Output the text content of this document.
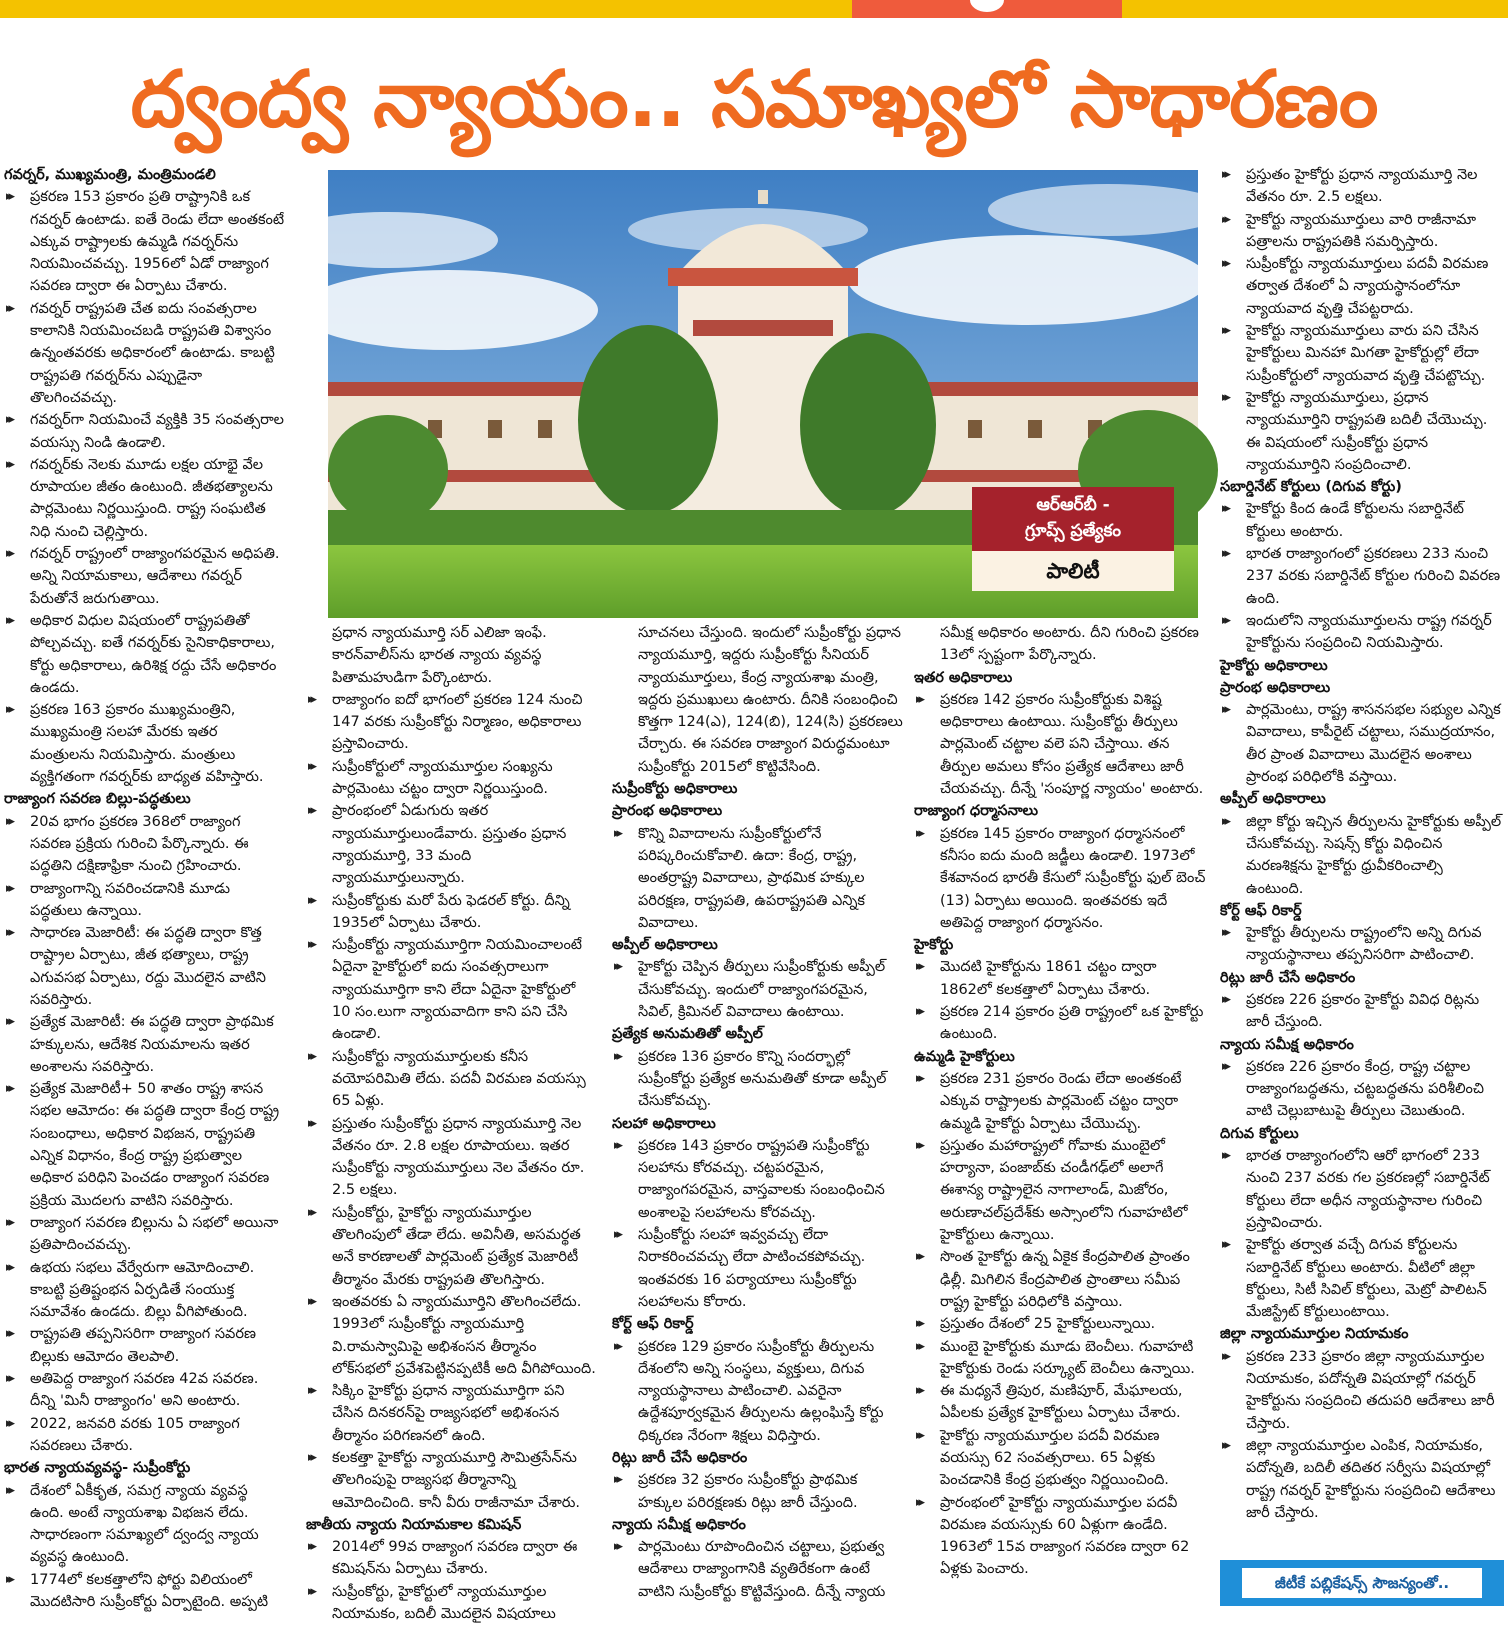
ద్వంద్వ న్యాయం.. సమాఖ్యలో సాధారణం
గవర్నర్, ముఖ్యమంత్రి, మంత్రిమండలి
▸▸ ప్రకరణ 153 ప్రకారం ప్రతి రాష్ట్రానికి ఒక గవర్నర్ ఉంటాడు. ఐతే రెండు లేదా అంతకంటే ఎక్కువ రాష్ట్రాలకు ఉమ్మడి గవర్నర్‌ను నియమించవచ్చు. 1956లో ఏడో రాజ్యాంగ సవరణ ద్వారా ఈ ఏర్పాటు చేశారు.
▸▸ గవర్నర్ రాష్ట్రపతి చేత ఐదు సంవత్సరాల కాలానికి నియమించబడి రాష్ట్రపతి విశ్వాసం ఉన్నంతవరకు అధికారంలో ఉంటాడు. కాబట్టి రాష్ట్రపతి గవర్నర్‌ను ఎప్పుడైనా తొలగించవచ్చు.
▸▸ గవర్నర్‌గా నియమించే వ్యక్తికి 35 సంవత్సరాల వయస్సు నిండి ఉండాలి.
▸▸ గవర్నర్‌కు నెలకు మూడు లక్షల యాభై వేల రూపాయల జీతం ఉంటుంది. జీతభత్యాలను పార్లమెంటు నిర్ణయిస్తుంది. రాష్ట్ర సంఘటిత నిధి నుంచి చెల్లిస్తారు.
▸▸ గవర్నర్ రాష్ట్రంలో రాజ్యాంగపరమైన అధిపతి. అన్ని నియామకాలు, ఆదేశాలు గవర్నర్ పేరుతోనే జరుగుతాయి.
▸▸ అధికార విధుల విషయంలో రాష్ట్రపతితో పోల్చవచ్చు. ఐతే గవర్నర్‌కు సైనికాధికారాలు, కోర్టు అధికారాలు, ఉరిశిక్ష రద్దు చేసే అధికారం ఉండదు.
▸▸ ప్రకరణ 163 ప్రకారం ముఖ్యమంత్రిని, ముఖ్యమంత్రి సలహా మేరకు ఇతర మంత్రులను నియమిస్తారు. మంత్రులు వ్యక్తిగతంగా గవర్నర్‌కు బాధ్యత వహిస్తారు.
రాజ్యాంగ సవరణ బిల్లు-పద్ధతులు
▸▸ 20వ భాగం ప్రకరణ 368లో రాజ్యాంగ సవరణ ప్రక్రియ గురించి పేర్కొన్నారు. ఈ పద్ధతిని దక్షిణాఫ్రికా నుంచి గ్రహించారు.
▸▸ రాజ్యాంగాన్ని సవరించడానికి మూడు పద్ధతులు ఉన్నాయి.
▸▸ సాధారణ మెజారిటీ: ఈ పద్ధతి ద్వారా కొత్త రాష్ట్రాల ఏర్పాటు, జీత భత్యాలు, రాష్ట్ర ఎగువసభ ఏర్పాటు, రద్దు మొదలైన వాటిని సవరిస్తారు.
▸▸ ప్రత్యేక మెజారిటీ: ఈ పద్ధతి ద్వారా ప్రాథమిక హక్కులను, ఆదేశిక నియమాలను ఇతర అంశాలను సవరిస్తారు.
▸▸ ప్రత్యేక మెజారిటీ+ 50 శాతం రాష్ట్ర శాసన సభల ఆమోదం: ఈ పద్ధతి ద్వారా కేంద్ర రాష్ట్ర సంబంధాలు, అధికార విభజన, రాష్ట్రపతి ఎన్నిక విధానం, కేంద్ర రాష్ట్ర ప్రభుత్వాల అధికార పరిధిని పెంచడం రాజ్యాంగ సవరణ ప్రక్రియ మొదలగు వాటిని సవరిస్తారు.
▸▸ రాజ్యాంగ సవరణ బిల్లును ఏ సభలో అయినా ప్రతిపాదించవచ్చు.
▸▸ ఉభయ సభలు వేర్వేరుగా ఆమోదించాలి. కాబట్టి ప్రతిష్టంభన ఏర్పడితే సంయుక్త సమావేశం ఉండదు. బిల్లు వీగిపోతుంది.
▸▸ రాష్ట్రపతి తప్పనిసరిగా రాజ్యాంగ సవరణ బిల్లుకు ఆమోదం తెలపాలి.
▸▸ అతిపెద్ద రాజ్యాంగ సవరణ 42వ సవరణ. దీన్ని 'మినీ రాజ్యాంగం' అని అంటారు.
▸▸ 2022, జనవరి వరకు 105 రాజ్యాంగ సవరణలు చేశారు.
భారత న్యాయవ్యవస్థ- సుప్రీంకోర్టు
▸▸ దేశంలో ఏకీకృత, సమగ్ర న్యాయ వ్యవస్థ ఉంది. అంటే న్యాయశాఖ విభజన లేదు. సాధారణంగా సమాఖ్యలో ద్వంద్వ న్యాయ వ్యవస్థ ఉంటుంది.
▸▸ 1774లో కలకత్తాలోని ఫోర్టు విలియంలో మొదటిసారి సుప్రీంకోర్టు ఏర్పాటైంది. అప్పటి
ప్రధాన న్యాయమూర్తి సర్ ఎలిజా ఇంఫే. కారన్‌వాలీస్‌ను భారత న్యాయ వ్యవస్థ పితామహుడిగా పేర్కొంటారు.
▸▸ రాజ్యాంగం ఐదో భాగంలో ప్రకరణ 124 నుంచి 147 వరకు సుప్రీంకోర్టు నిర్మాణం, అధికారాలు ప్రస్తావించారు.
▸▸ సుప్రీంకోర్టులో న్యాయమూర్తుల సంఖ్యను పార్లమెంటు చట్టం ద్వారా నిర్ణయిస్తుంది.
▸▸ ప్రారంభంలో ఏడుగురు ఇతర న్యాయమూర్తులుండేవారు. ప్రస్తుతం ప్రధాన న్యాయమూర్తి, 33 మంది న్యాయమూర్తులున్నారు.
▸▸ సుప్రీంకోర్టుకు మరో పేరు ఫెడరల్ కోర్టు. దీన్ని 1935లో ఏర్పాటు చేశారు.
▸▸ సుప్రీంకోర్టు న్యాయమూర్తిగా నియమించాలంటే ఏదైనా హైకోర్టులో ఐదు సంవత్సరాలుగా న్యాయమూర్తిగా కాని లేదా ఏదైనా హైకోర్టులో 10 సం.లుగా న్యాయవాదిగా కాని పని చేసి ఉండాలి.
▸▸ సుప్రీంకోర్టు న్యాయమూర్తులకు కనీస వయోపరిమితి లేదు. పదవీ విరమణ వయస్సు 65 ఏళ్లు.
▸▸ ప్రస్తుతం సుప్రీంకోర్టు ప్రధాన న్యాయమూర్తి నెల వేతనం రూ. 2.8 లక్షల రూపాయలు. ఇతర సుప్రీంకోర్టు న్యాయమూర్తులు నెల వేతనం రూ. 2.5 లక్షలు.
▸▸ సుప్రీంకోర్టు, హైకోర్టు న్యాయమూర్తుల తొలగింపులో తేడా లేదు. అవినీతి, అసమర్థత అనే కారణాలతో పార్లమెంట్ ప్రత్యేక మెజారిటీ తీర్మానం మేరకు రాష్ట్రపతి తొలగిస్తారు.
▸▸ ఇంతవరకు ఏ న్యాయమూర్తిని తొలగించలేదు. 1993లో సుప్రీంకోర్టు న్యాయమూర్తి వి.రామస్వామిపై అభిశంసన తీర్మానం లోక్‌సభలో ప్రవేశపెట్టినప్పటికీ అది వీగిపోయింది.
▸▸ సిక్కిం హైకోర్టు ప్రధాన న్యాయమూర్తిగా పని చేసిన దినకరన్‌పై రాజ్యసభలో అభిశంసన తీర్మానం పరిగణనలో ఉంది.
▸▸ కలకత్తా హైకోర్టు న్యాయమూర్తి సౌమిత్రసేన్‌ను తొలగింపుపై రాజ్యసభ తీర్మానాన్ని ఆమోదించింది. కానీ వీరు రాజీనామా చేశారు.
జాతీయ న్యాయ నియామకాల కమిషన్
▸▸ 2014లో 99వ రాజ్యాంగ సవరణ ద్వారా ఈ కమిషన్‌ను ఏర్పాటు చేశారు.
▸▸ సుప్రీంకోర్టు, హైకోర్టులో న్యాయమూర్తుల నియామకం, బదిలీ మొదలైన విషయాలు
సూచనలు చేస్తుంది. ఇందులో సుప్రీంకోర్టు ప్రధాన న్యాయమూర్తి, ఇద్దరు సుప్రీంకోర్టు సీనియర్ న్యాయమూర్తులు, కేంద్ర న్యాయశాఖ మంత్రి, ఇద్దరు ప్రముఖులు ఉంటారు. దీనికి సంబంధించి కొత్తగా 124(ఎ), 124(బి), 124(సి) ప్రకరణలు చేర్చారు. ఈ సవరణ రాజ్యాంగ విరుద్ధమంటూ సుప్రీంకోర్టు 2015లో కొట్టివేసింది.
సుప్రీంకోర్టు అధికారాలు
ప్రారంభ అధికారాలు
▸▸ కొన్ని వివాదాలను సుప్రీంకోర్టులోనే పరిష్కరించుకోవాలి. ఉదా: కేంద్ర, రాష్ట్ర, అంతర్రాష్ట్ర వివాదాలు, ప్రాథమిక హక్కుల పరిరక్షణ, రాష్ట్రపతి, ఉపరాష్ట్రపతి ఎన్నిక వివాదాలు.
అప్పీల్ అధికారాలు
▸▸ హైకోర్టు చెప్పిన తీర్పులు సుప్రీంకోర్టుకు అప్పీల్ చేసుకోవచ్చు. ఇందులో రాజ్యాంగపరమైన, సివిల్, క్రిమినల్ వివాదాలు ఉంటాయి.
ప్రత్యేక అనుమతితో అప్పీల్
▸▸ ప్రకరణ 136 ప్రకారం కొన్ని సందర్భాల్లో సుప్రీంకోర్టు ప్రత్యేక అనుమతితో కూడా అప్పీల్ చేసుకోవచ్చు.
సలహా అధికారాలు
▸▸ ప్రకరణ 143 ప్రకారం రాష్ట్రపతి సుప్రీంకోర్టు సలహాను కోరవచ్చు. చట్టపరమైన, రాజ్యాంగపరమైన, వాస్తవాలకు సంబంధించిన అంశాలపై సలహాలను కోరవచ్చు.
▸▸ సుప్రీంకోర్టు సలహా ఇవ్వవచ్చు లేదా నిరాకరించవచ్చు లేదా పాటించకపోవచ్చు. ఇంతవరకు 16 పర్యాయాలు సుప్రీంకోర్టు సలహాలను కోరారు.
కోర్ట్ ఆఫ్ రికార్డ్
▸▸ ప్రకరణ 129 ప్రకారం సుప్రీంకోర్టు తీర్పులను దేశంలోని అన్ని సంస్థలు, వ్యక్తులు, దిగువ న్యాయస్థానాలు పాటించాలి. ఎవరైనా ఉద్దేశపూర్వకమైన తీర్పులను ఉల్లంఘిస్తే కోర్టు ధిక్కరణ నేరంగా శిక్షలు విధిస్తారు.
రిట్లు జారీ చేసే అధికారం
▸▸ ప్రకరణ 32 ప్రకారం సుప్రీంకోర్టు ప్రాథమిక హక్కుల పరిరక్షణకు రిట్లు జారీ చేస్తుంది.
న్యాయ సమీక్ష అధికారం
▸▸ పార్లమెంటు రూపొందించిన చట్టాలు, ప్రభుత్వ ఆదేశాలు రాజ్యాంగానికి వ్యతిరేకంగా ఉంటే వాటిని సుప్రీంకోర్టు కొట్టివేస్తుంది. దీన్నే న్యాయ
సమీక్ష అధికారం అంటారు. దీని గురించి ప్రకరణ 13లో స్పష్టంగా పేర్కొన్నారు.
ఇతర అధికారాలు
▸▸ ప్రకరణ 142 ప్రకారం సుప్రీంకోర్టుకు విశిష్ట అధికారాలు ఉంటాయి. సుప్రీంకోర్టు తీర్పులు పార్లమెంట్ చట్టాల వలె పని చేస్తాయి. తన తీర్పుల అమలు కోసం ప్రత్యేక ఆదేశాలు జారీ చేయవచ్చు. దీన్నే 'సంపూర్ణ న్యాయం' అంటారు.
రాజ్యాంగ ధర్మాసనాలు
▸▸ ప్రకరణ 145 ప్రకారం రాజ్యాంగ ధర్మాసనంలో కనీసం ఐదు మంది జడ్జీలు ఉండాలి. 1973లో కేశవానంద భారతీ కేసులో సుప్రీంకోర్టు ఫుల్ బెంచ్ (13) ఏర్పాటు అయింది. ఇంతవరకు ఇదే అతిపెద్ద రాజ్యాంగ ధర్మాసనం.
హైకోర్టు
▸▸ మొదటి హైకోర్టును 1861 చట్టం ద్వారా 1862లో కలకత్తాలో ఏర్పాటు చేశారు.
▸▸ ప్రకరణ 214 ప్రకారం ప్రతి రాష్ట్రంలో ఒక హైకోర్టు ఉంటుంది.
ఉమ్మడి హైకోర్టులు
▸▸ ప్రకరణ 231 ప్రకారం రెండు లేదా అంతకంటే ఎక్కువ రాష్ట్రాలకు పార్లమెంట్ చట్టం ద్వారా ఉమ్మడి హైకోర్టు ఏర్పాటు చేయొచ్చు.
▸▸ ప్రస్తుతం మహారాష్ట్రలో గోవాకు ముంబైలో హర్యానా, పంజాబ్‌కు చండీగఢ్‌లో అలాగే ఈశాన్య రాష్ట్రాలైన నాగాలాండ్, మిజోరం, అరుణాచల్‌ప్రదేశ్‌కు అస్సాంలోని గువాహటిలో హైకోర్టులు ఉన్నాయి.
▸▸ సొంత హైకోర్టు ఉన్న ఏకైక కేంద్రపాలిత ప్రాంతం ఢిల్లీ. మిగిలిన కేంద్రపాలిత ప్రాంతాలు సమీప రాష్ట్ర హైకోర్టు పరిధిలోకి వస్తాయి.
▸▸ ప్రస్తుతం దేశంలో 25 హైకోర్టులున్నాయి.
▸▸ ముంబై హైకోర్టుకు మూడు బెంచీలు. గువాహటి హైకోర్టుకు రెండు సర్క్యూట్ బెంచీలు ఉన్నాయి.
▸▸ ఈ మధ్యనే త్రిపుర, మణిపూర్, మేఘాలయ, ఏపీలకు ప్రత్యేక హైకోర్టులు ఏర్పాటు చేశారు.
▸▸ హైకోర్టు న్యాయమూర్తుల పదవీ విరమణ వయస్సు 62 సంవత్సరాలు. 65 ఏళ్లకు పెంచడానికి కేంద్ర ప్రభుత్వం నిర్ణయించింది.
▸▸ ప్రారంభంలో హైకోర్టు న్యాయమూర్తుల పదవీ విరమణ వయస్సుకు 60 ఏళ్లుగా ఉండేది. 1963లో 15వ రాజ్యాంగ సవరణ ద్వారా 62 ఏళ్లకు పెంచారు.
▸▸ ప్రస్తుతం హైకోర్టు ప్రధాన న్యాయమూర్తి నెల వేతనం రూ. 2.5 లక్షలు.
▸▸ హైకోర్టు న్యాయమూర్తులు వారి రాజీనామా పత్రాలను రాష్ట్రపతికి సమర్పిస్తారు.
▸▸ సుప్రీంకోర్టు న్యాయమూర్తులు పదవీ విరమణ తర్వాత దేశంలో ఏ న్యాయస్థానంలోనూ న్యాయవాద వృత్తి చేపట్టరాదు.
▸▸ హైకోర్టు న్యాయమూర్తులు వారు పని చేసిన హైకోర్టులు మినహా మిగతా హైకోర్టుల్లో లేదా సుప్రీంకోర్టులో న్యాయవాద వృత్తి చేపట్టొచ్చు.
▸▸ హైకోర్టు న్యాయమూర్తులు, ప్రధాన న్యాయమూర్తిని రాష్ట్రపతి బదిలీ చేయొచ్చు.
ఈ విషయంలో సుప్రీంకోర్టు ప్రధాన న్యాయమూర్తిని సంప్రదించాలి.
సబార్డినేట్ కోర్టులు (దిగువ కోర్టు)
▸▸ హైకోర్టు కింద ఉండే కోర్టులను సబార్డినేట్ కోర్టులు అంటారు.
▸▸ భారత రాజ్యాంగంలో ప్రకరణలు 233 నుంచి 237 వరకు సబార్డినేట్ కోర్టుల గురించి వివరణ ఉంది.
▸▸ ఇందులోని న్యాయమూర్తులను రాష్ట్ర గవర్నర్ హైకోర్టును సంప్రదించి నియమిస్తారు.
హైకోర్టు అధికారాలు
ప్రారంభ అధికారాలు
▸▸ పార్లమెంటు, రాష్ట్ర శాసనసభల సభ్యుల ఎన్నిక వివాదాలు, కాపీరైట్ చట్టాలు, సముద్రయానం, తీర ప్రాంత వివాదాలు మొదలైన అంశాలు ప్రారంభ పరిధిలోకి వస్తాయి.
అప్పీల్ అధికారాలు
▸▸ జిల్లా కోర్టు ఇచ్చిన తీర్పులను హైకోర్టుకు అప్పీల్ చేసుకోవచ్చు. సెషన్స్ కోర్టు విధించిన మరణశిక్షను హైకోర్టు ధ్రువీకరించాల్సి ఉంటుంది.
కోర్ట్ ఆఫ్ రికార్డ్
▸▸ హైకోర్టు తీర్పులను రాష్ట్రంలోని అన్ని దిగువ న్యాయస్థానాలు తప్పనిసరిగా పాటించాలి.
రిట్లు జారీ చేసే అధికారం
▸▸ ప్రకరణ 226 ప్రకారం హైకోర్టు వివిధ రిట్లను జారీ చేస్తుంది.
న్యాయ సమీక్ష అధికారం
▸▸ ప్రకరణ 226 ప్రకారం కేంద్ర, రాష్ట్ర చట్టాల రాజ్యాంగబద్ధతను, చట్టబద్ధతను పరిశీలించి వాటి చెల్లుబాటుపై తీర్పులు చెబుతుంది.
దిగువ కోర్టులు
▸▸ భారత రాజ్యాంగంలోని ఆరో భాగంలో 233 నుంచి 237 వరకు గల ప్రకరణల్లో సబార్డినేట్ కోర్టులు లేదా అధీన న్యాయస్థానాల గురించి ప్రస్తావించారు.
▸▸ హైకోర్టు తర్వాత వచ్చే దిగువ కోర్టులను సబార్డినేట్ కోర్టులు అంటారు. వీటిలో జిల్లా కోర్టులు, సిటీ సివిల్ కోర్టులు, మెట్రో పాలిటన్ మేజిస్ట్రేట్ కోర్టులుంటాయి.
జిల్లా న్యాయమూర్తుల నియామకం
▸▸ ప్రకరణ 233 ప్రకారం జిల్లా న్యాయమూర్తుల నియామకం, పదోన్నతి విషయాల్లో గవర్నర్ హైకోర్టును సంప్రదించి తదుపరి ఆదేశాలు జారీ చేస్తారు.
▸▸ జిల్లా న్యాయమూర్తుల ఎంపిక, నియామకం, పదోన్నతి, బదిలీ తదితర సర్వీసు విషయాల్లో రాష్ట్ర గవర్నర్ హైకోర్టును సంప్రదించి ఆదేశాలు జారీ చేస్తారు.
ఆర్ఆర్‌బీ -
గ్రూప్స్ ప్రత్యేకం
పాలిటీ
జీటీకే పబ్లికేషన్స్ సౌజన్యంతో..
